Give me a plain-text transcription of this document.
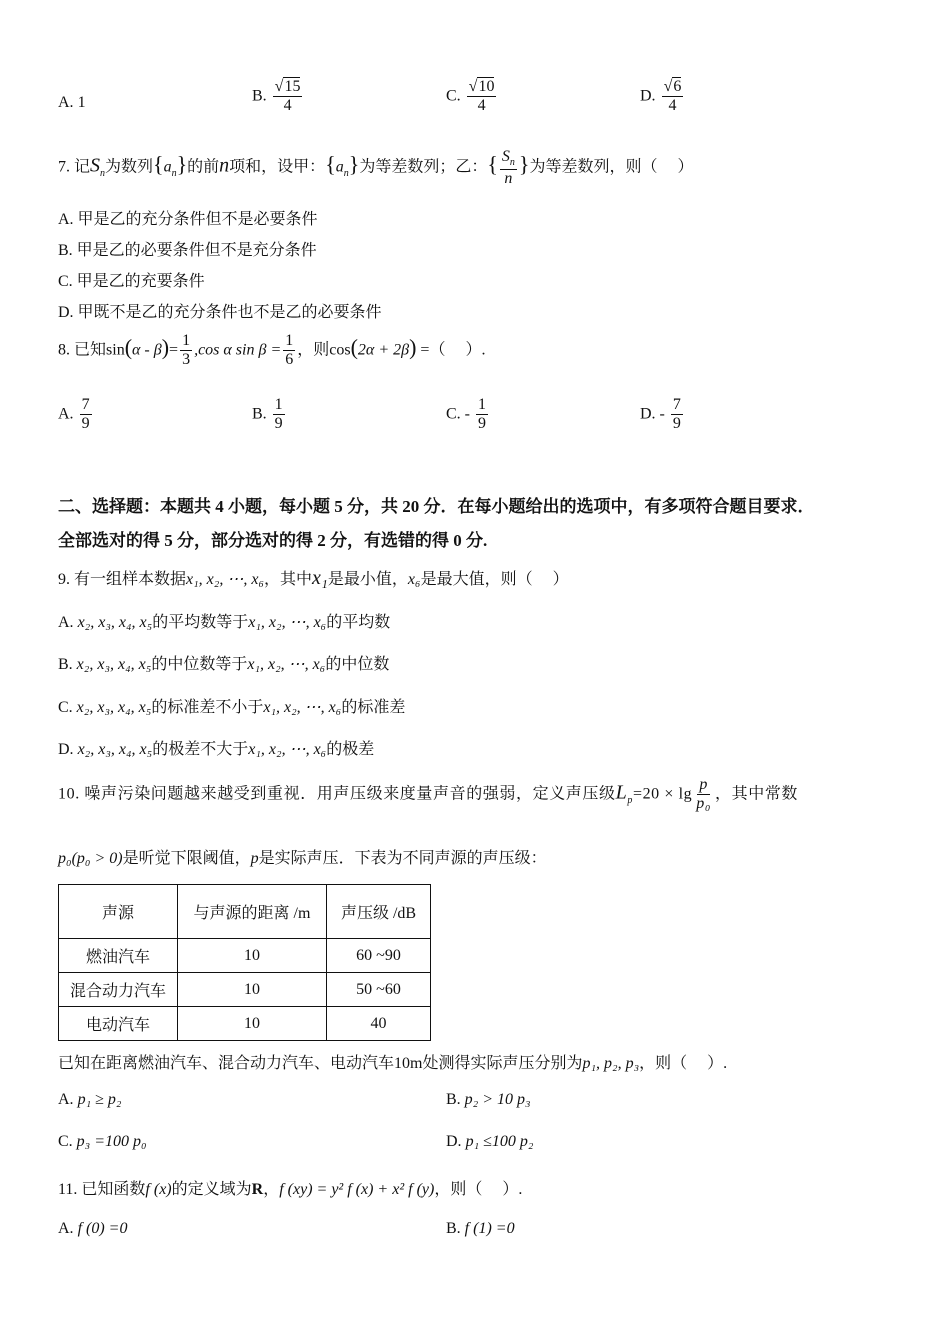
A. 1	B. $\frac{√15}{4}$	C. $\frac{√10}{4}$	D. $\frac{√6}{4}$
7. 记$S_n$为数列$\{a_n\}$的前n项和，设甲：$\{a_n\}$为等差数列；乙：{ $\frac{S_n}{n}$ }为等差数列，则（　 ）
A. 甲是乙的充分条件但不是必要条件
B. 甲是乙的必要条件但不是充分条件
C. 甲是乙的充要条件
D. 甲既不是乙的充分条件也不是乙的必要条件
8. 已知$\sin(\alpha - \beta)= \frac{1}{3} ,\cos$ α $\sin \beta = \frac{1}{6}$ ，则cos(2α + 2β) =（　 ）.
A. $\frac{7}{9}$	B. $\frac{1}{9}$	C. - $\frac{1}{9}$	D. - $\frac{7}{9}$
二、选择题：本题共 4 小题，每小题 5 分，共 20 分．在每小题给出的选项中，有多项符合题目要求．
全部选对的得 5 分，部分选对的得 2 分，有选错的得 0 分.
9. 有一组样本数据x₁, x₂, ⋯, x₆，其中x₁是最小值，x₆是最大值，则（　 ）
A. x₂, x₃, x₄, x₅的平均数等于x₁, x₂, ⋯, x₆的平均数
B. x₂, x₃, x₄, x₅的中位数等于x₁, x₂, ⋯, x₆的中位数
C. x₂, x₃, x₄, x₅的标准差不小于x₁, x₂, ⋯, x₆的标准差
D. x₂, x₃, x₄, x₅的极差不大于x₁, x₂, ⋯, x₆的极差
10. 噪声污染问题越来越受到重视．用声压级来度量声音的强弱，定义声压级$L_p=20 \times \lg \frac{p}{\text{p₀}}$ ，其中常数
p₀(p₀ > 0)是听觉下限阈值，p是实际声压．下表为不同声源的声压级：
声源	与声源的距离 /m	声压级 /dB
燃油汽车	10	60 ~90
混合动力汽车	10	50 ~60
电动汽车	10	40
已知在距离燃油汽车、混合动力汽车、电动汽车10m处测得实际声压分别为p₁, p₂, p₃，则（　 ）.
A. p₁ ≥ p₂	B. p₂ > 10 p₃
C. p₃ =100 p₀	D. p₁ ≤100 p₂
11. 已知函数f (x)的定义域为R，f (xy) = y² f (x) + x² f (y)，则（　 ）.
A. f (0) =0	B. f (1) =0
